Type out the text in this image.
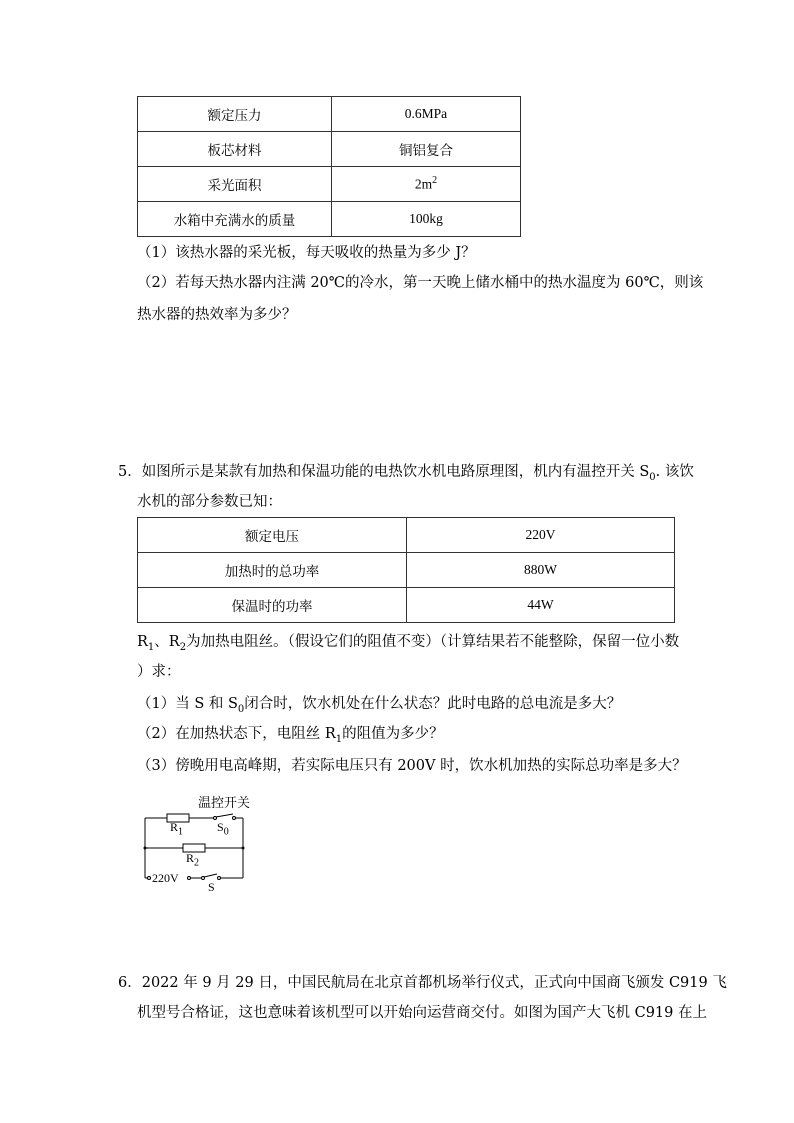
额定压力	0.6MPa
板芯材料	铜铝复合
采光面积	$2m^2$
水箱中充满水的质量	100kg
（1）该热水器的采光板，每天吸收的热量为多少 J？
（2）若每天热水器内注满 20℃的冷水，第一天晚上储水桶中的热水温度为 60℃，则该
热水器的热效率为多少？
5．如图所示是某款有加热和保温功能的电热饮水机电路原理图，机内有温控开关 $S_0$. 该饮
水机的部分参数已知：
额定电压	220V
加热时的总功率	880W
保温时的功率	44W
$R_1$、$R_2$为加热电阻丝。（假设它们的阻值不变）（计算结果若不能整除，保留一位小数
）求：
（1）当 S 和 $S_0$闭合时，饮水机处在什么状态？此时电路的总电流是多大？
（2）在加热状态下，电阻丝 $R_1$的阻值为多少？
（3）傍晚用电高峰期，若实际电压只有 200V 时，饮水机加热的实际总功率是多大？
温控开关
$R_1$	$S_0$
$R_2$
220V
S
6．2022 年 9 月 29 日，中国民航局在北京首都机场举行仪式，正式向中国商飞颁发 C919 飞
机型号合格证，这也意味着该机型可以开始向运营商交付。如图为国产大飞机 C919 在上
